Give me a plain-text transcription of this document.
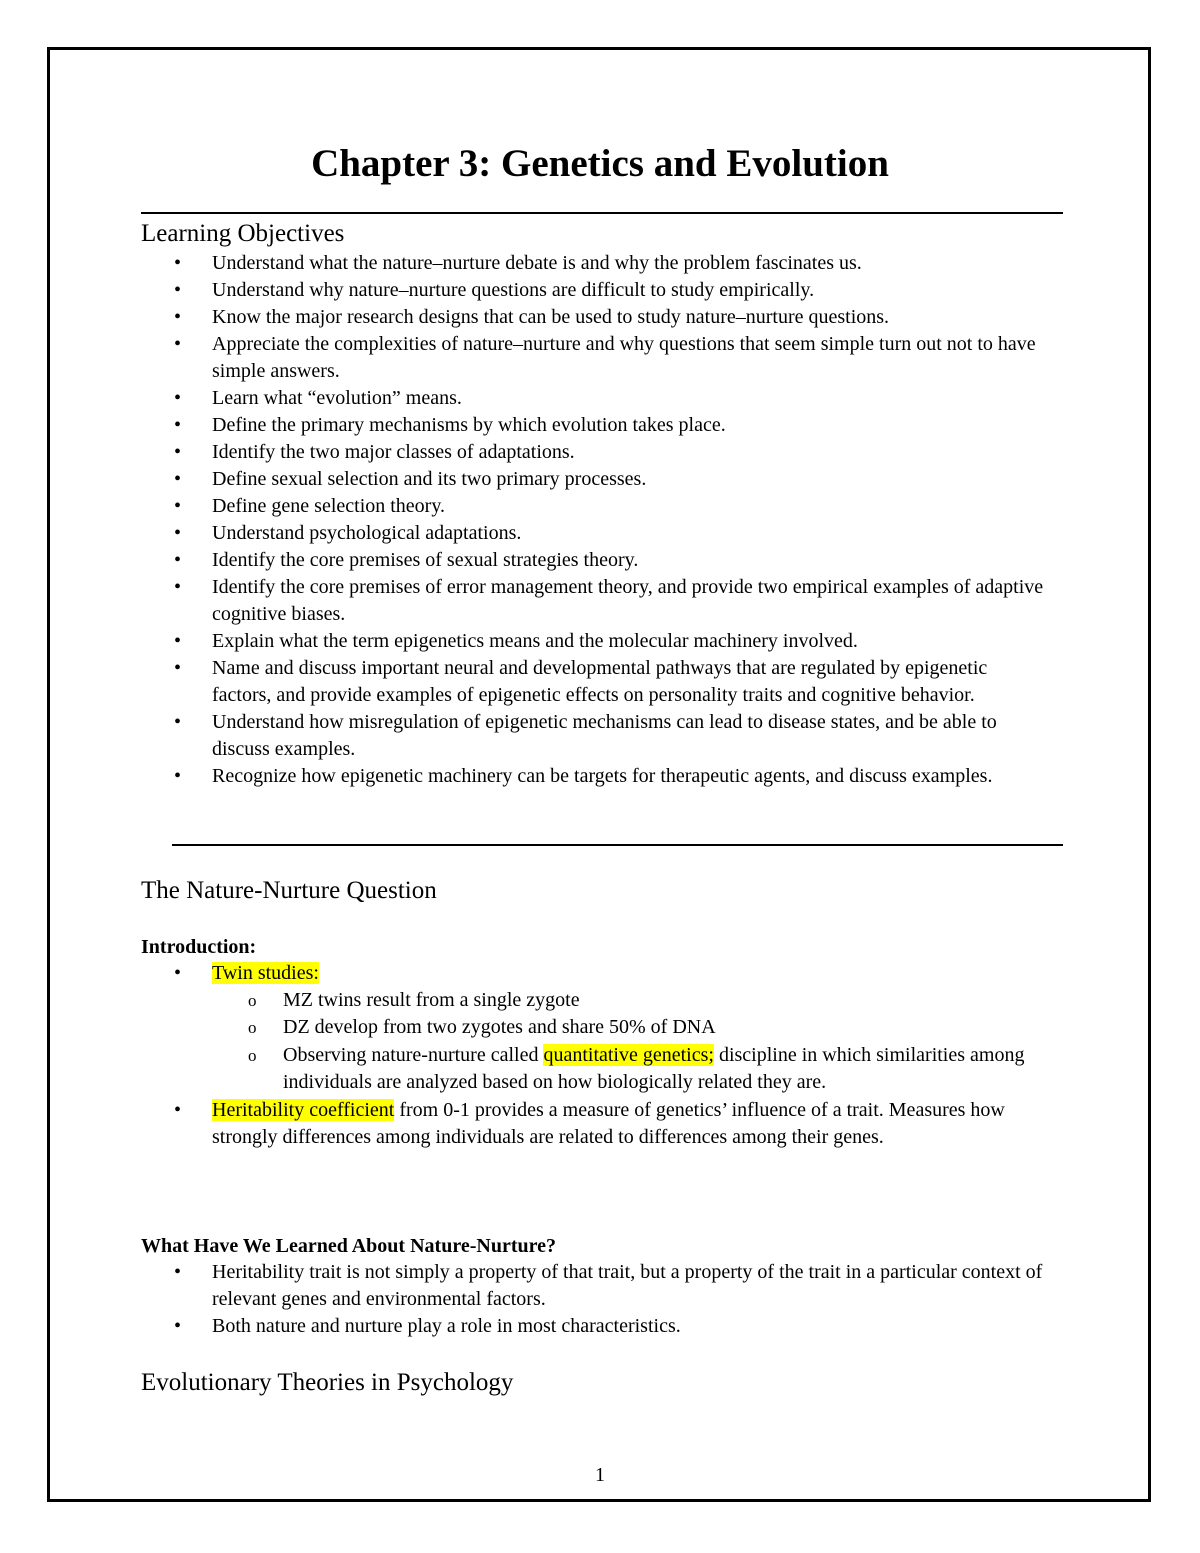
Chapter 3: Genetics and Evolution
Learning Objectives
• Understand what the nature–nurture debate is and why the problem fascinates us.
• Understand why nature–nurture questions are difficult to study empirically.
• Know the major research designs that can be used to study nature–nurture questions.
• Appreciate the complexities of nature–nurture and why questions that seem simple turn out not to have simple answers.
• Learn what “evolution” means.
• Define the primary mechanisms by which evolution takes place.
• Identify the two major classes of adaptations.
• Define sexual selection and its two primary processes.
• Define gene selection theory.
• Understand psychological adaptations.
• Identify the core premises of sexual strategies theory.
• Identify the core premises of error management theory, and provide two empirical examples of adaptive cognitive biases.
• Explain what the term epigenetics means and the molecular machinery involved.
• Name and discuss important neural and developmental pathways that are regulated by epigenetic factors, and provide examples of epigenetic effects on personality traits and cognitive behavior.
• Understand how misregulation of epigenetic mechanisms can lead to disease states, and be able to discuss examples.
• Recognize how epigenetic machinery can be targets for therapeutic agents, and discuss examples.
The Nature-Nurture Question
Introduction:
• Twin studies:
o MZ twins result from a single zygote
o DZ develop from two zygotes and share 50% of DNA
o Observing nature-nurture called quantitative genetics; discipline in which similarities among individuals are analyzed based on how biologically related they are.
• Heritability coefficient from 0-1 provides a measure of genetics’ influence of a trait. Measures how strongly differences among individuals are related to differences among their genes.
What Have We Learned About Nature-Nurture?
• Heritability trait is not simply a property of that trait, but a property of the trait in a particular context of relevant genes and environmental factors.
• Both nature and nurture play a role in most characteristics.
Evolutionary Theories in Psychology
1
